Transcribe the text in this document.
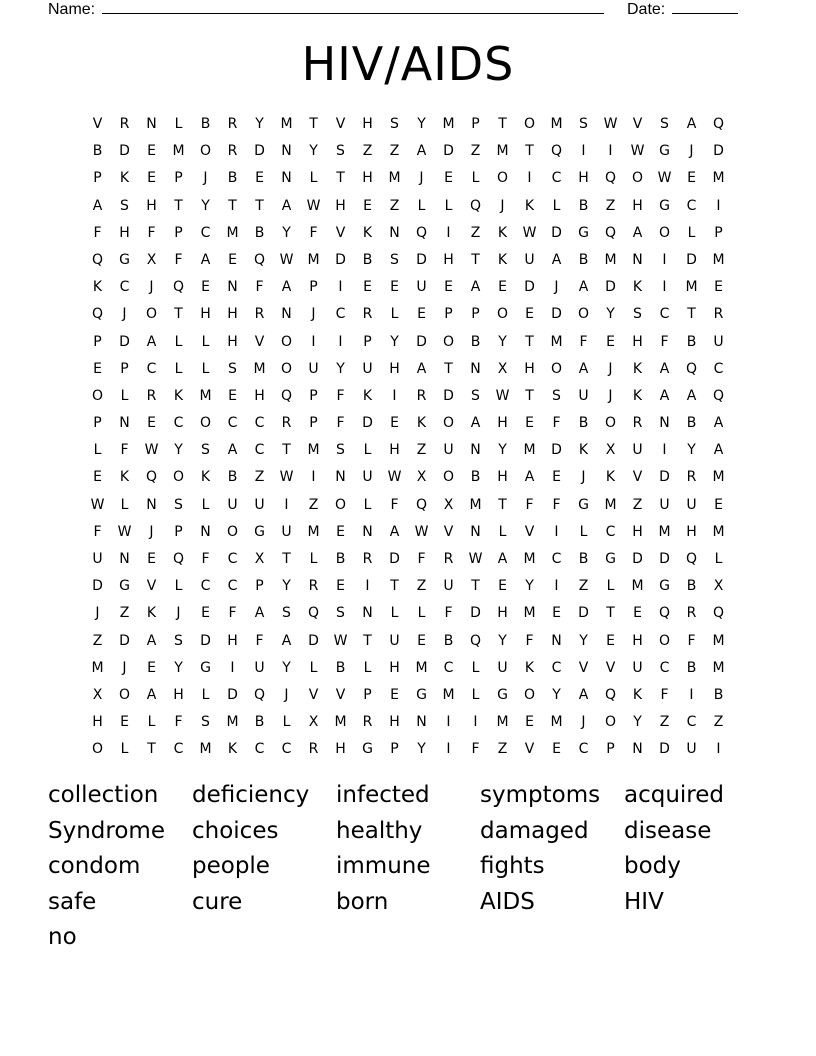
Name:	Date:
HIV/AIDS
V	R	N	L	B	R	Y	M	T	V	H	S	Y	M	P	T	O	M	S	W	V	S	A	Q
B	D	E	M	O	R	D	N	Y	S	Z	Z	A	D	Z	M	T	Q	I	I	W	G	J	D
P	K	E	P	J	B	E	N	L	T	H	M	J	E	L	O	I	C	H	Q	O	W	E	M
A	S	H	T	Y	T	T	A	W	H	E	Z	L	L	Q	J	K	L	B	Z	H	G	C	I
F	H	F	P	C	M	B	Y	F	V	K	N	Q	I	Z	K	W	D	G	Q	A	O	L	P
Q	G	X	F	A	E	Q	W	M	D	B	S	D	H	T	K	U	A	B	M	N	I	D	M
K	C	J	Q	E	N	F	A	P	I	E	E	U	E	A	E	D	J	A	D	K	I	M	E
Q	J	O	T	H	H	R	N	J	C	R	L	E	P	P	O	E	D	O	Y	S	C	T	R
P	D	A	L	L	H	V	O	I	I	P	Y	D	O	B	Y	T	M	F	E	H	F	B	U
E	P	C	L	L	S	M	O	U	Y	U	H	A	T	N	X	H	O	A	J	K	A	Q	C
O	L	R	K	M	E	H	Q	P	F	K	I	R	D	S	W	T	S	U	J	K	A	A	Q
P	N	E	C	O	C	C	R	P	F	D	E	K	O	A	H	E	F	B	O	R	N	B	A
L	F	W	Y	S	A	C	T	M	S	L	H	Z	U	N	Y	M	D	K	X	U	I	Y	A
E	K	Q	O	K	B	Z	W	I	N	U	W	X	O	B	H	A	E	J	K	V	D	R	M
W	L	N	S	L	U	U	I	Z	O	L	F	Q	X	M	T	F	F	G	M	Z	U	U	E
F	W	J	P	N	O	G	U	M	E	N	A	W	V	N	L	V	I	L	C	H	M	H	M
U	N	E	Q	F	C	X	T	L	B	R	D	F	R	W	A	M	C	B	G	D	D	Q	L
D	G	V	L	C	C	P	Y	R	E	I	T	Z	U	T	E	Y	I	Z	L	M	G	B	X
J	Z	K	J	E	F	A	S	Q	S	N	L	L	F	D	H	M	E	D	T	E	Q	R	Q
Z	D	A	S	D	H	F	A	D	W	T	U	E	B	Q	Y	F	N	Y	E	H	O	F	M
M	J	E	Y	G	I	U	Y	L	B	L	H	M	C	L	U	K	C	V	V	U	C	B	M
X	O	A	H	L	D	Q	J	V	V	P	E	G	M	L	G	O	Y	A	Q	K	F	I	B
H	E	L	F	S	M	B	L	X	M	R	H	N	I	I	M	E	M	J	O	Y	Z	C	Z
O	L	T	C	M	K	C	C	R	H	G	P	Y	I	F	Z	V	E	C	P	N	D	U	I
collection	deficiency	infected	symptoms	acquired
Syndrome	choices	healthy	damaged	disease
condom	people	immune	fights	body
safe	cure	born	AIDS	HIV
no
